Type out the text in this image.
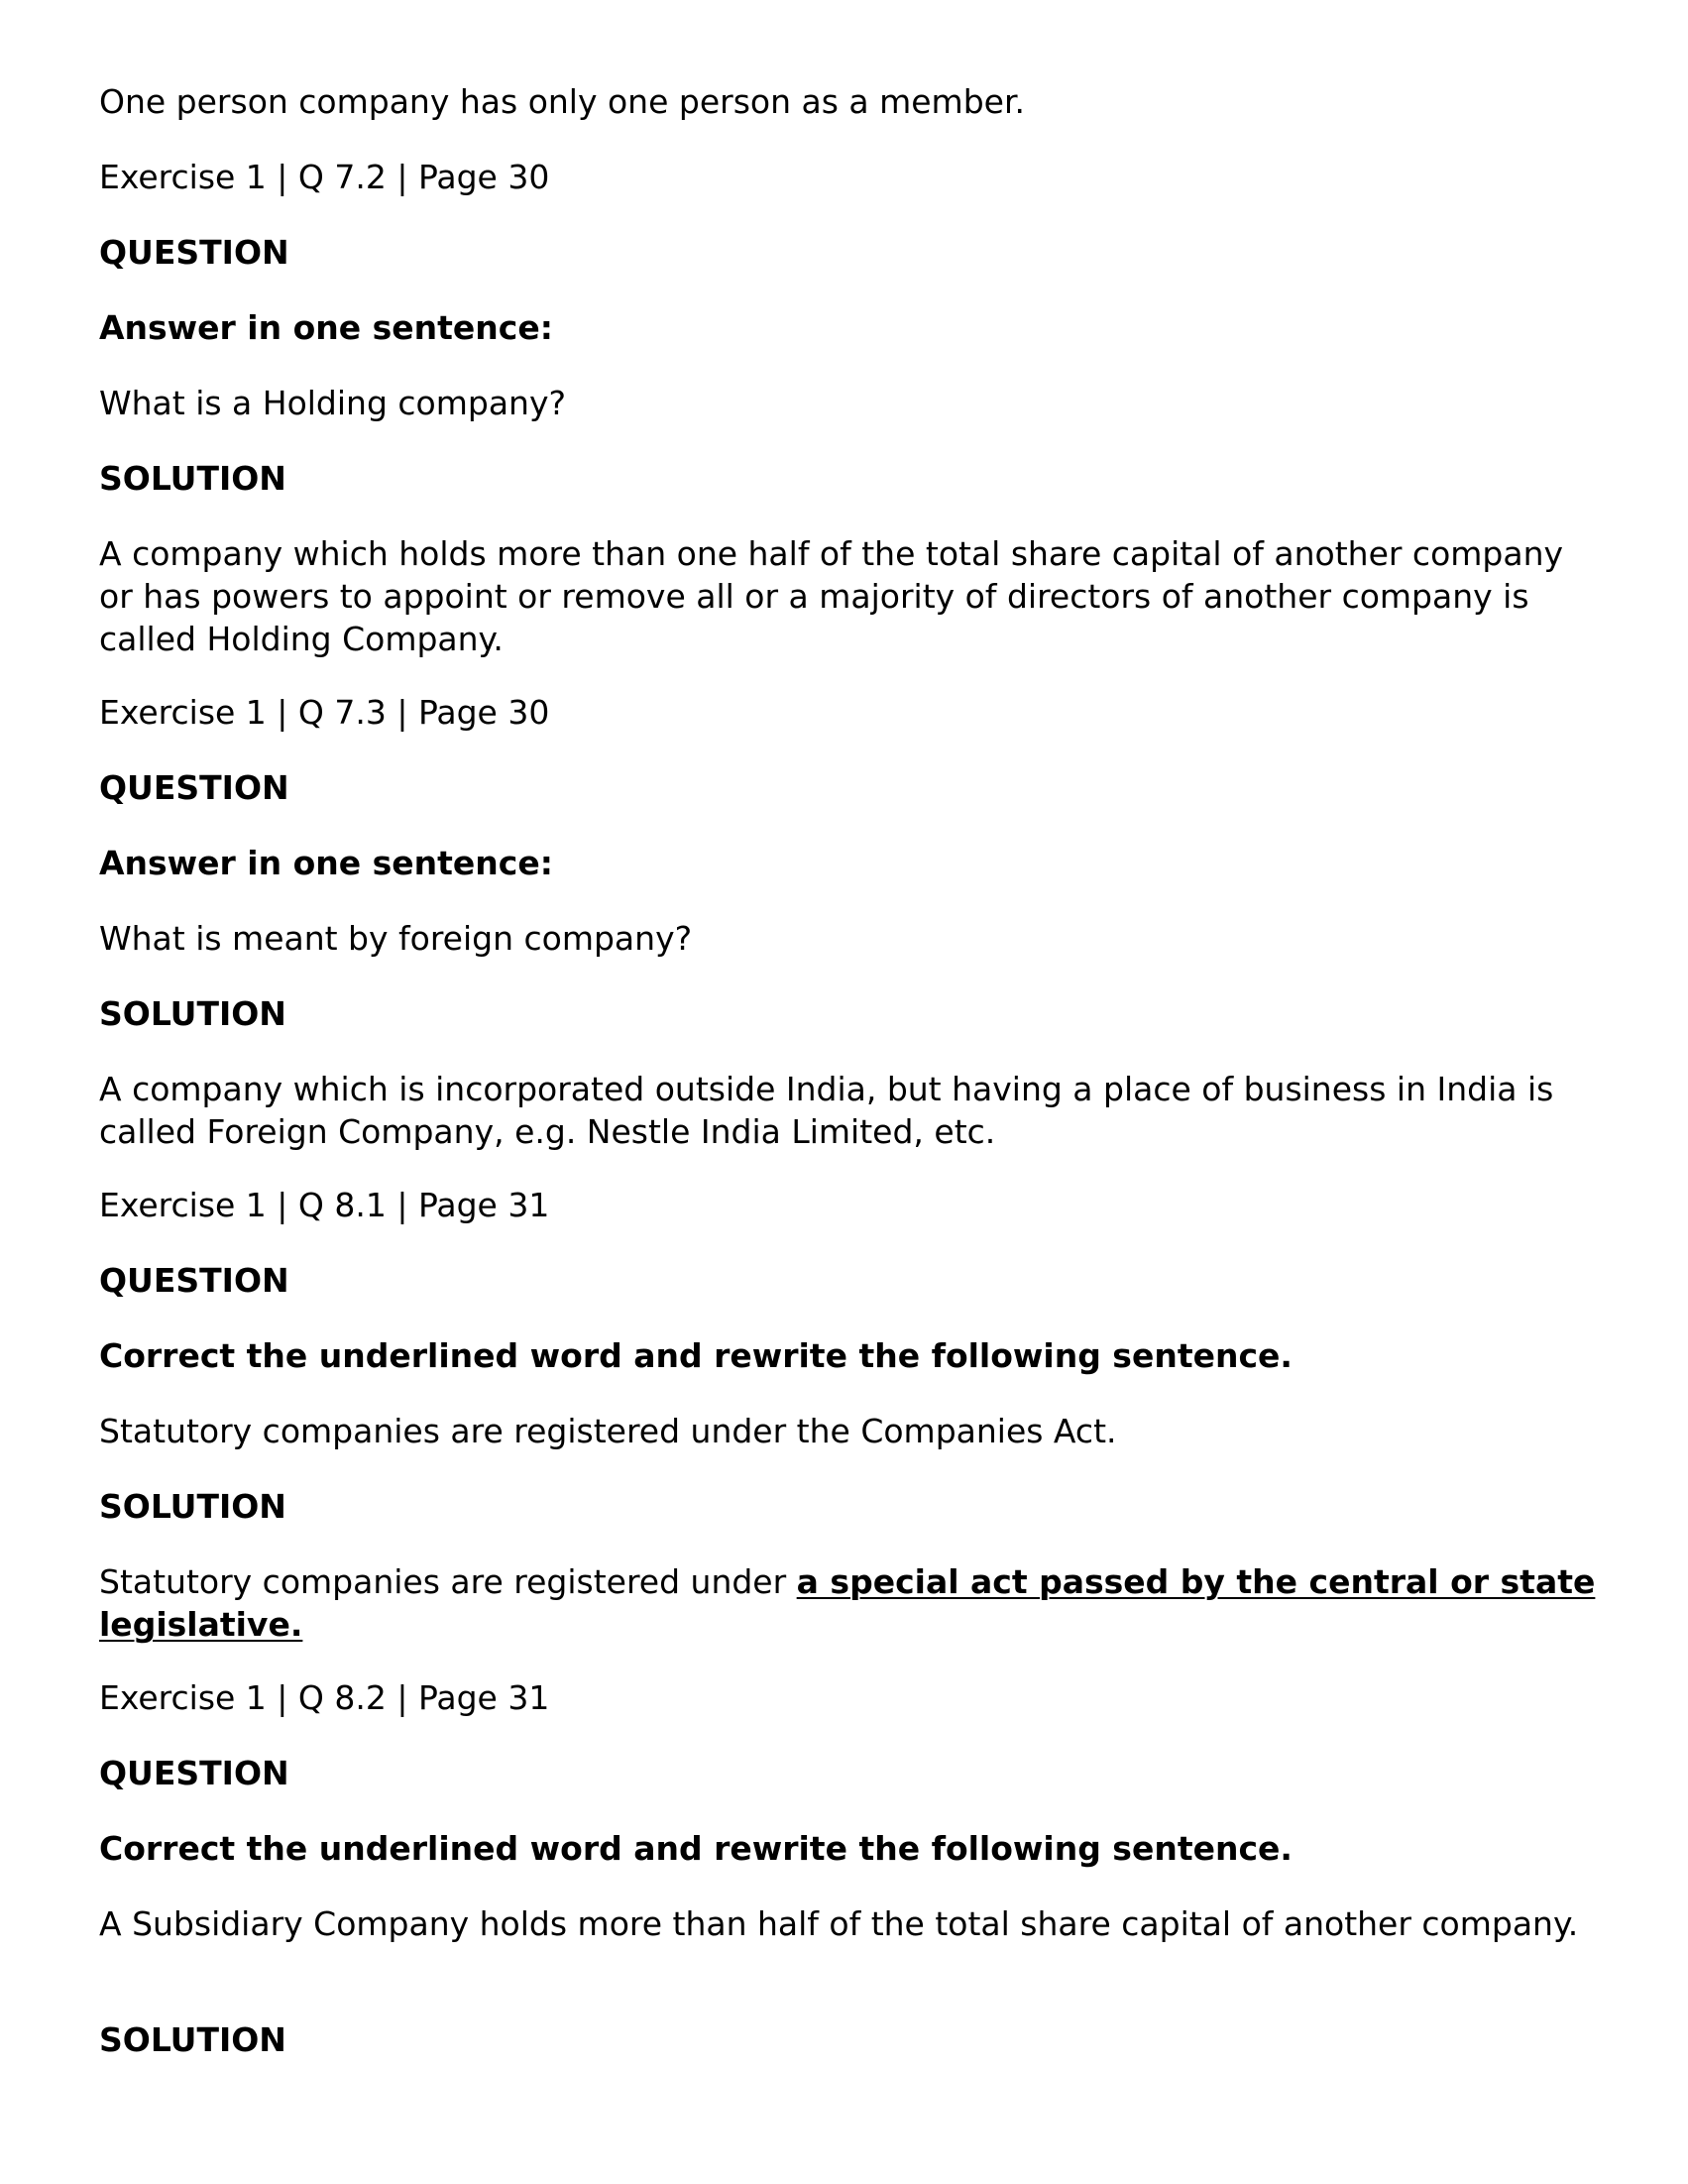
One person company has only one person as a member.

Exercise 1 | Q 7.2 | Page 30

QUESTION

Answer in one sentence:

What is a Holding company?

SOLUTION

A company which holds more than one half of the total share capital of another company or has powers to appoint or remove all or a majority of directors of another company is called Holding Company.

Exercise 1 | Q 7.3 | Page 30

QUESTION

Answer in one sentence:

What is meant by foreign company?

SOLUTION

A company which is incorporated outside India, but having a place of business in India is called Foreign Company, e.g. Nestle India Limited, etc.

Exercise 1 | Q 8.1 | Page 31

QUESTION

Correct the underlined word and rewrite the following sentence.

Statutory companies are registered under the Companies Act.

SOLUTION

Statutory companies are registered under a special act passed by the central or state legislative.

Exercise 1 | Q 8.2 | Page 31

QUESTION

Correct the underlined word and rewrite the following sentence.

A Subsidiary Company holds more than half of the total share capital of another company.

SOLUTION
